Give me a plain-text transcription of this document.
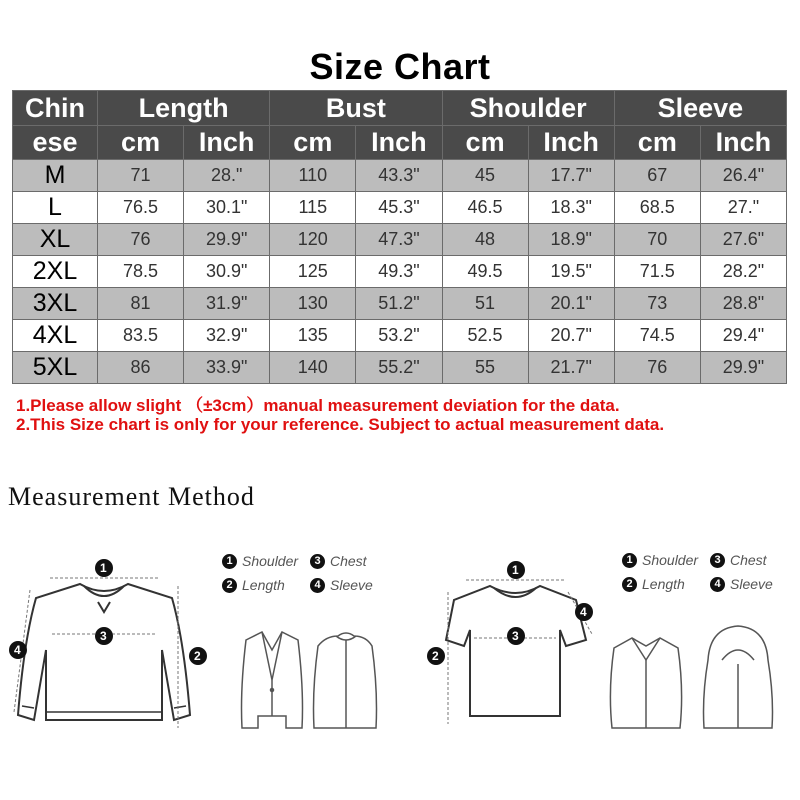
Size Chart
Chin	Length		Bust		Shoulder		Sleeve	
ese	cm	Inch	cm	Inch	cm	Inch	cm	Inch
M	71	28."	110	43.3"	45	17.7"	67	26.4"
L	76.5	30.1"	115	45.3"	46.5	18.3"	68.5	27."
XL	76	29.9"	120	47.3"	48	18.9"	70	27.6"
2XL	78.5	30.9"	125	49.3"	49.5	19.5"	71.5	28.2"
3XL	81	31.9"	130	51.2"	51	20.1"	73	28.8"
4XL	83.5	32.9"	135	53.2"	52.5	20.7"	74.5	29.4"
5XL	86	33.9"	140	55.2"	55	21.7"	76	29.9"
1.Please allow slight （±3cm）manual measurement deviation for the data.
2.This Size chart is only for your reference. Subject to actual measurement data.
Measurement Method
1 Shoulder	3 Chest
2 Length	4 Sleeve
1 Shoulder	3 Chest
2 Length	4 Sleeve
1
3
2
4
1
3
2
4
